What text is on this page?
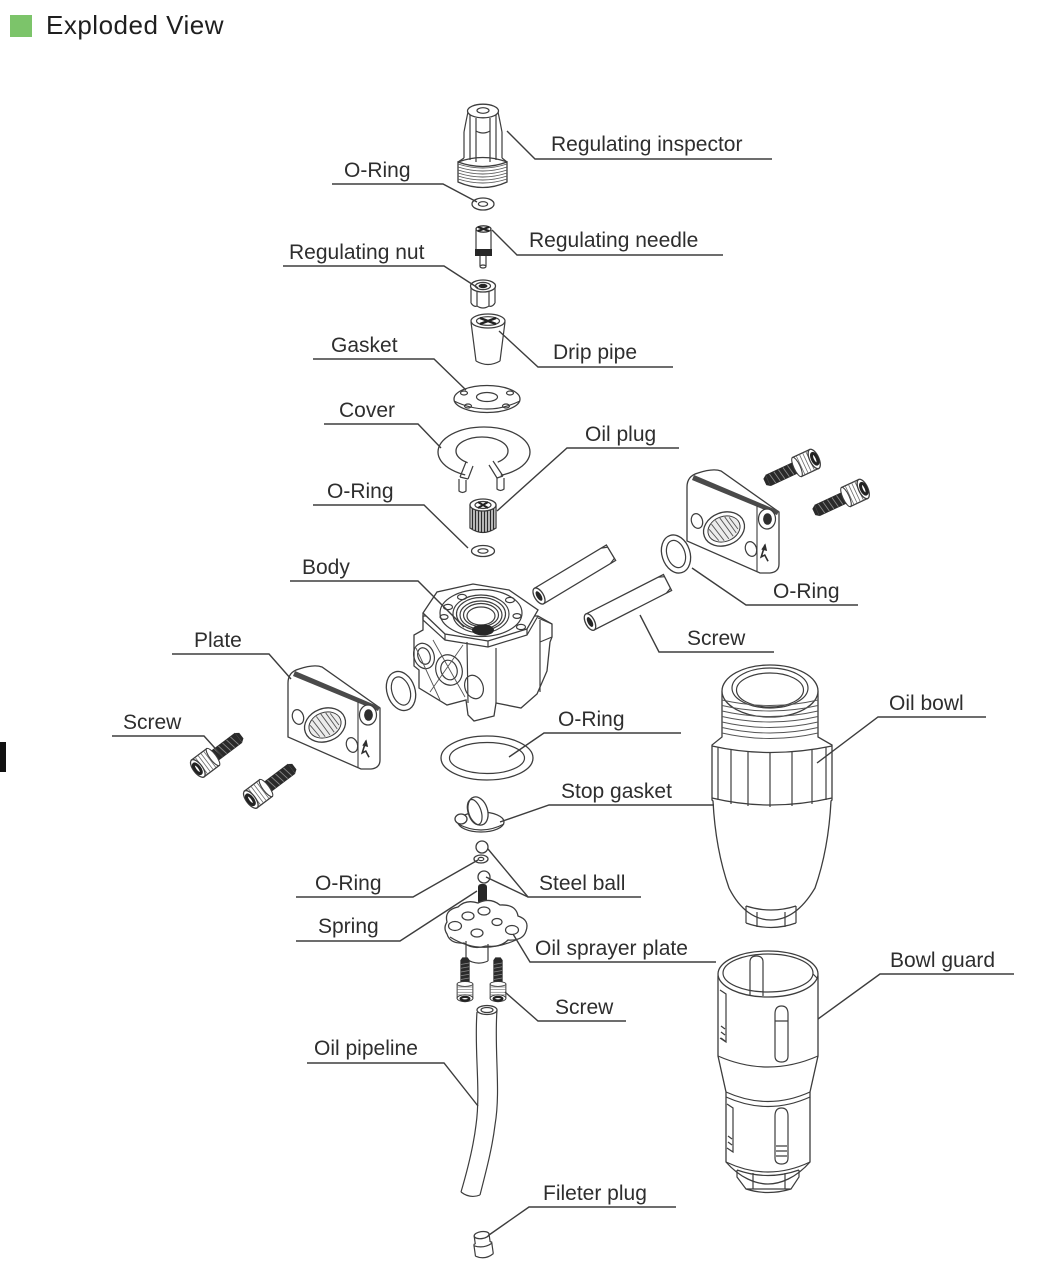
Exploded View
Regulating inspector
O-Ring
Regulating needle
Regulating nut
Gasket	Drip pipe
Cover
Oil plug
O-Ring
Body
O-Ring
Screw
Plate
Oil bowl
Screw	O-Ring
Stop gasket
O-Ring	Steel ball
Spring
Oil sprayer plate
Screw
Bowl guard
Oil pipeline
Fileter plug
